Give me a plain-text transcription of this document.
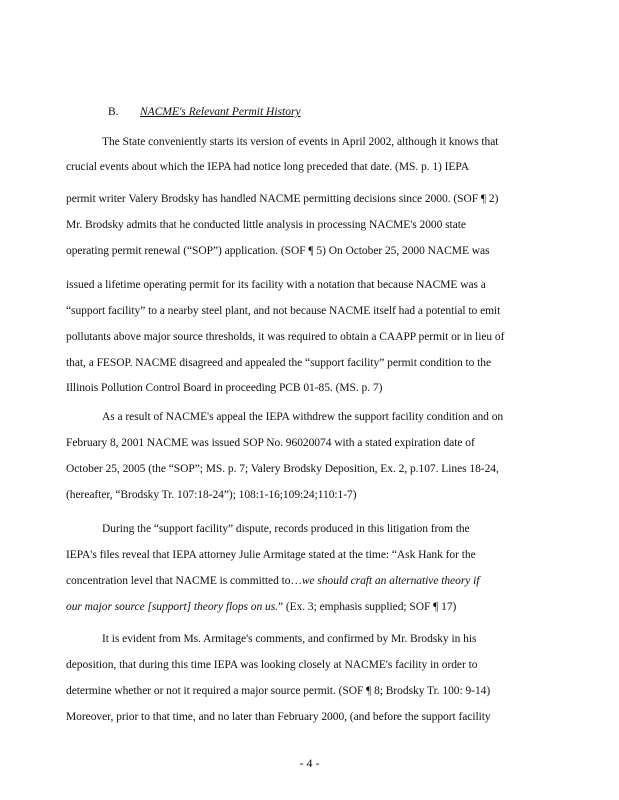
B. NACME's Relevant Permit History
The State conveniently starts its version of events in April 2002, although it knows that
crucial events about which the IEPA had notice long preceded that date. (MS. p. 1) IEPA
permit writer Valery Brodsky has handled NACME permitting decisions since 2000. (SOF ¶ 2)
Mr. Brodsky admits that he conducted little analysis in processing NACME's 2000 state
operating permit renewal (“SOP”) application. (SOF ¶ 5) On October 25, 2000 NACME was
issued a lifetime operating permit for its facility with a notation that because NACME was a
“support facility” to a nearby steel plant, and not because NACME itself had a potential to emit
pollutants above major source thresholds, it was required to obtain a CAAPP permit or in lieu of
that, a FESOP. NACME disagreed and appealed the “support facility” permit condition to the
Illinois Pollution Control Board in proceeding PCB 01-85. (MS. p. 7)
As a result of NACME's appeal the IEPA withdrew the support facility condition and on
February 8, 2001 NACME was issued SOP No. 96020074 with a stated expiration date of
October 25, 2005 (the “SOP”; MS. p. 7; Valery Brodsky Deposition, Ex. 2, p.107. Lines 18-24,
(hereafter, “Brodsky Tr. 107:18-24”); 108:1-16;109:24;110:1-7)
During the “support facility” dispute, records produced in this litigation from the
IEPA's files reveal that IEPA attorney Julie Armitage stated at the time: “Ask Hank for the
concentration level that NACME is committed to…we should craft an alternative theory if
our major source [support] theory flops on us.” (Ex. 3; emphasis supplied; SOF ¶ 17)
It is evident from Ms. Armitage's comments, and confirmed by Mr. Brodsky in his
deposition, that during this time IEPA was looking closely at NACME's facility in order to
determine whether or not it required a major source permit. (SOF ¶ 8; Brodsky Tr. 100: 9-14)
Moreover, prior to that time, and no later than February 2000, (and before the support facility
- 4 -
